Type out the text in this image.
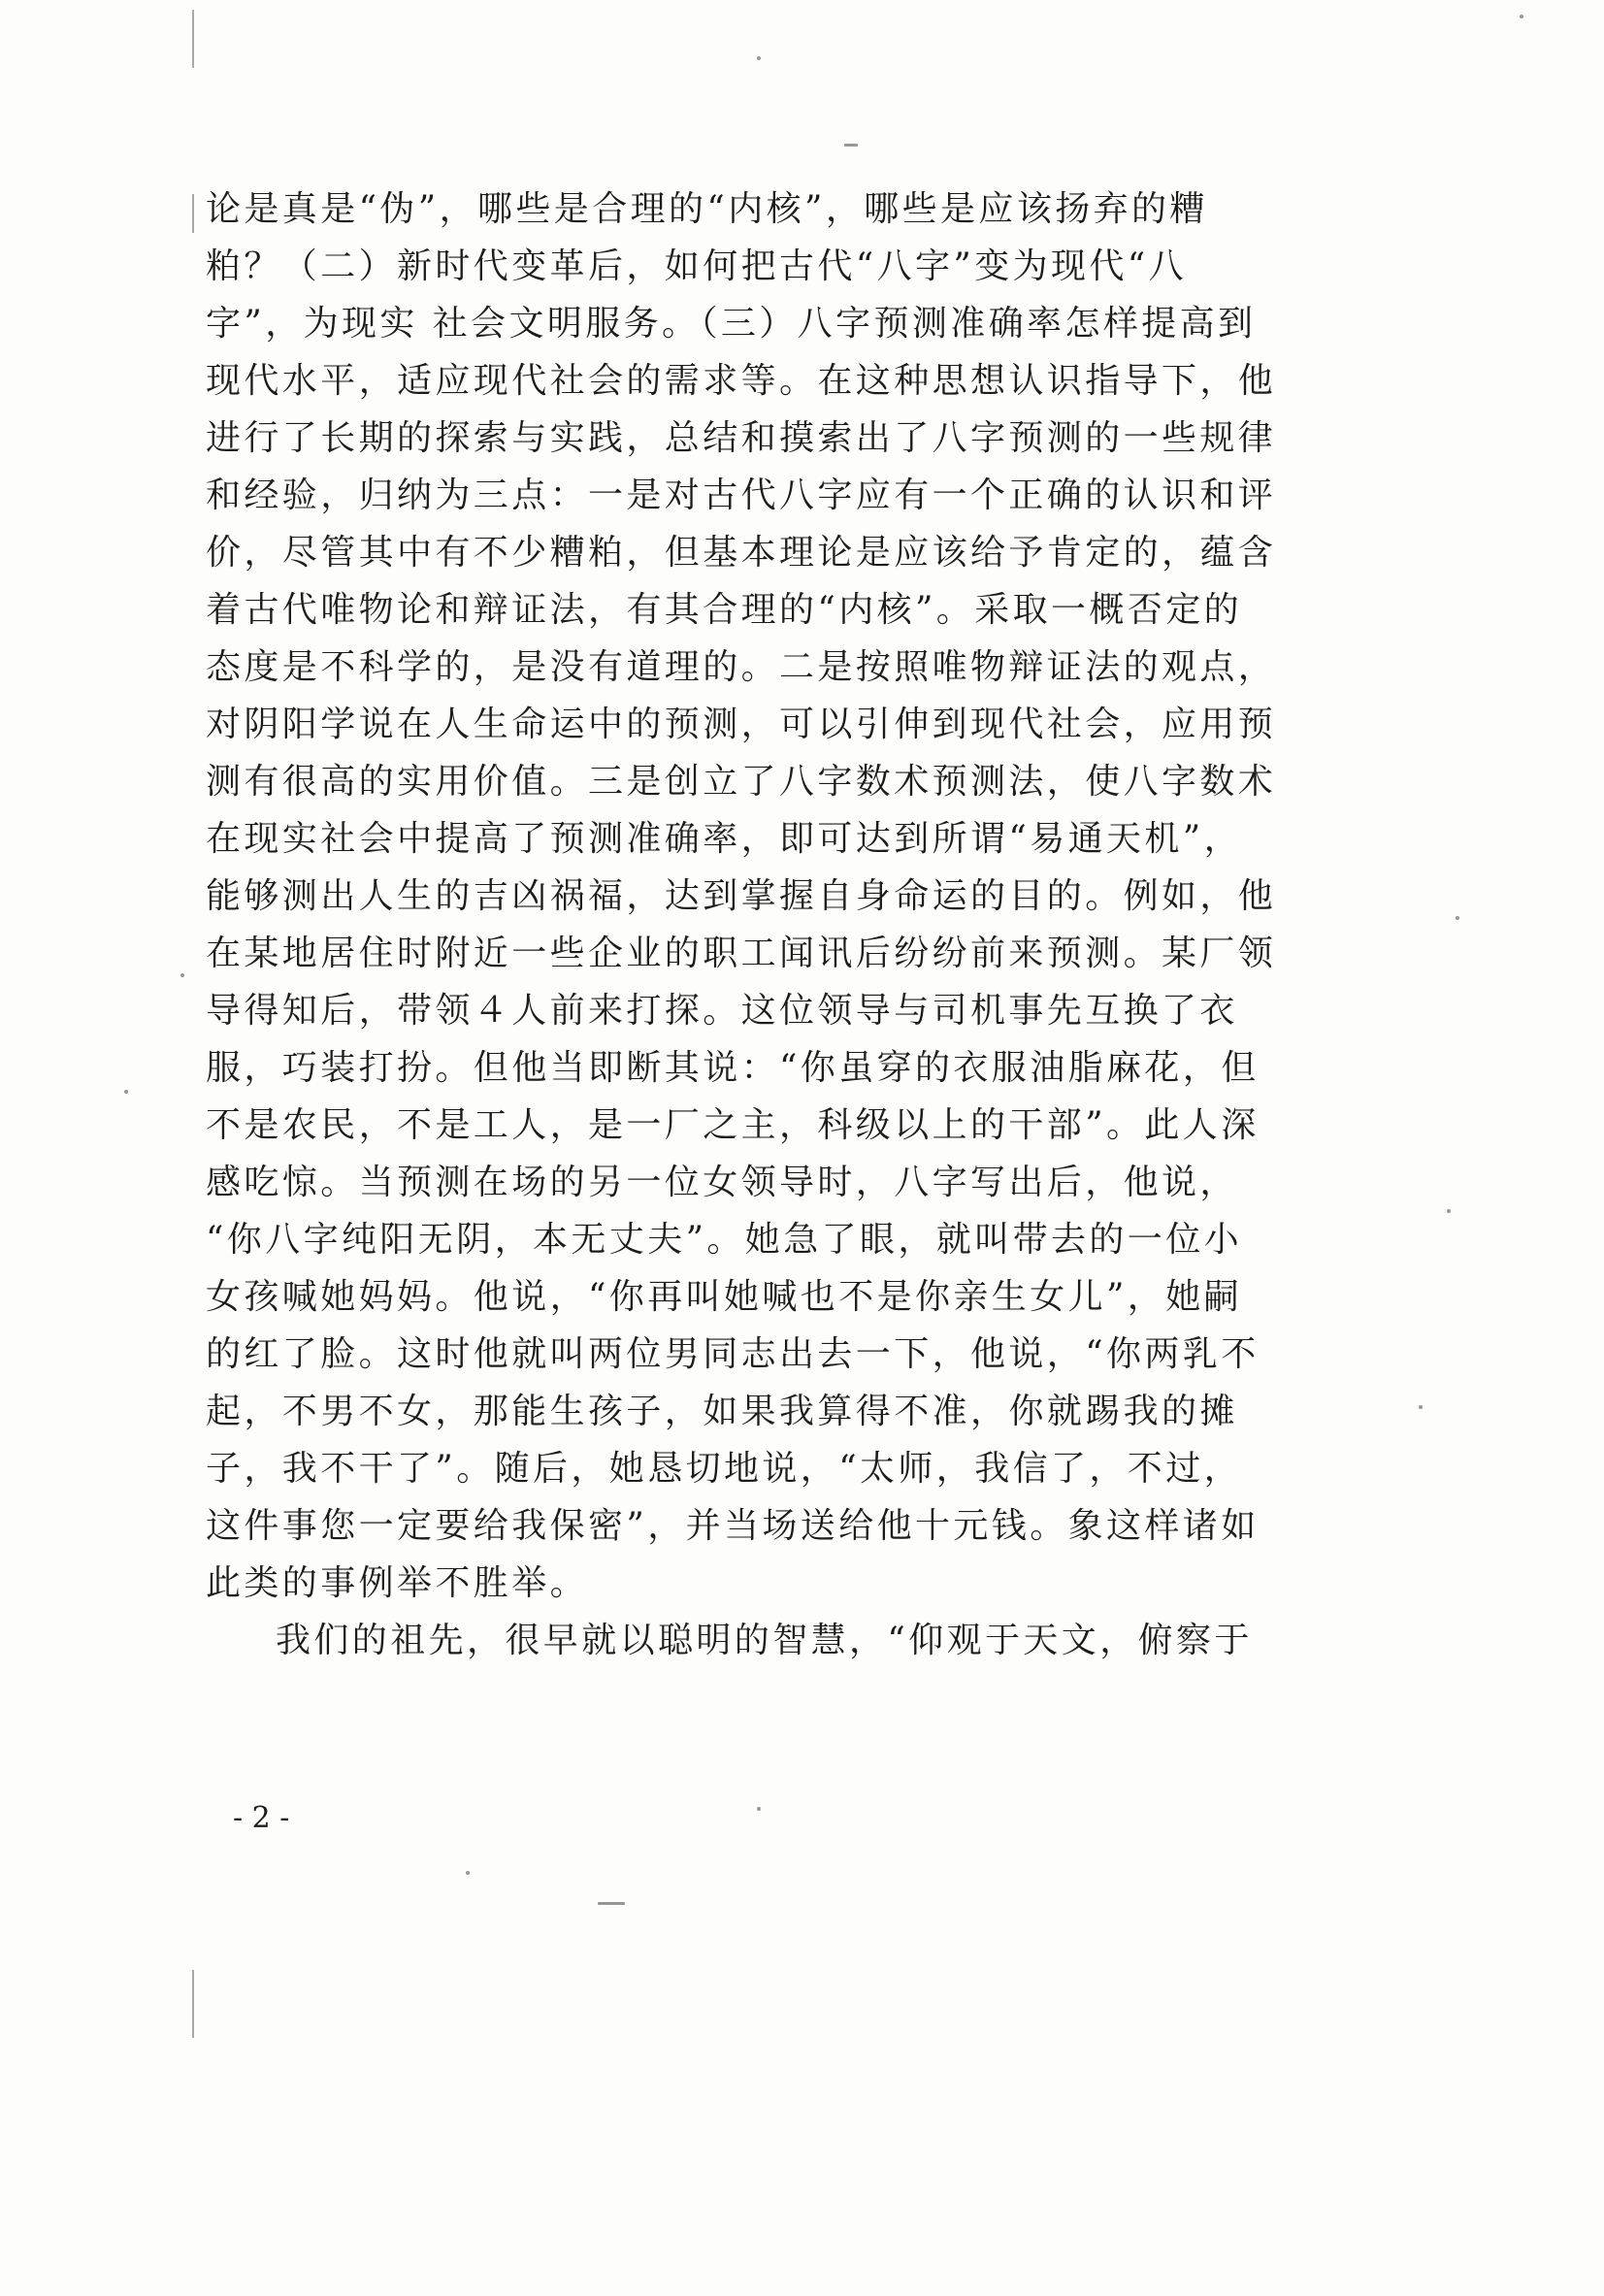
论是真是“伪”，哪些是合理的“内核”，哪些是应该扬弃的糟
粕？（二）新时代变革后，如何把古代“八字”变为现代“八
字”，为现实 社会文明服务。（三）八字预测准确率怎样提高到
现代水平，适应现代社会的需求等。在这种思想认识指导下，他
进行了长期的探索与实践，总结和摸索出了八字预测的一些规律
和经验，归纳为三点：一是对古代八字应有一个正确的认识和评
价，尽管其中有不少糟粕，但基本理论是应该给予肯定的，蕴含
着古代唯物论和辩证法，有其合理的“内核”。采取一概否定的
态度是不科学的，是没有道理的。二是按照唯物辩证法的观点，
对阴阳学说在人生命运中的预测，可以引伸到现代社会，应用预
测有很高的实用价值。三是创立了八字数术预测法，使八字数术
在现实社会中提高了预测准确率，即可达到所谓“易通天机”，
能够测出人生的吉凶祸福，达到掌握自身命运的目的。例如，他
在某地居住时附近一些企业的职工闻讯后纷纷前来预测。某厂领
导得知后，带领４人前来打探。这位领导与司机事先互换了衣
服，巧装打扮。但他当即断其说：“你虽穿的衣服油脂麻花，但
不是农民，不是工人，是一厂之主，科级以上的干部”。此人深
感吃惊。当预测在场的另一位女领导时，八字写出后，他说，
“你八字纯阳无阴，本无丈夫”。她急了眼，就叫带去的一位小
女孩喊她妈妈。他说，“你再叫她喊也不是你亲生女儿”，她嗣
的红了脸。这时他就叫两位男同志出去一下，他说，“你两乳不
起，不男不女，那能生孩子，如果我算得不准，你就踢我的摊
子，我不干了”。随后，她恳切地说，“太师，我信了，不过，
这件事您一定要给我保密”，并当场送给他十元钱。象这样诸如
此类的事例举不胜举。
我们的祖先，很早就以聪明的智慧，“仰观于天文，俯察于
- 2 -
